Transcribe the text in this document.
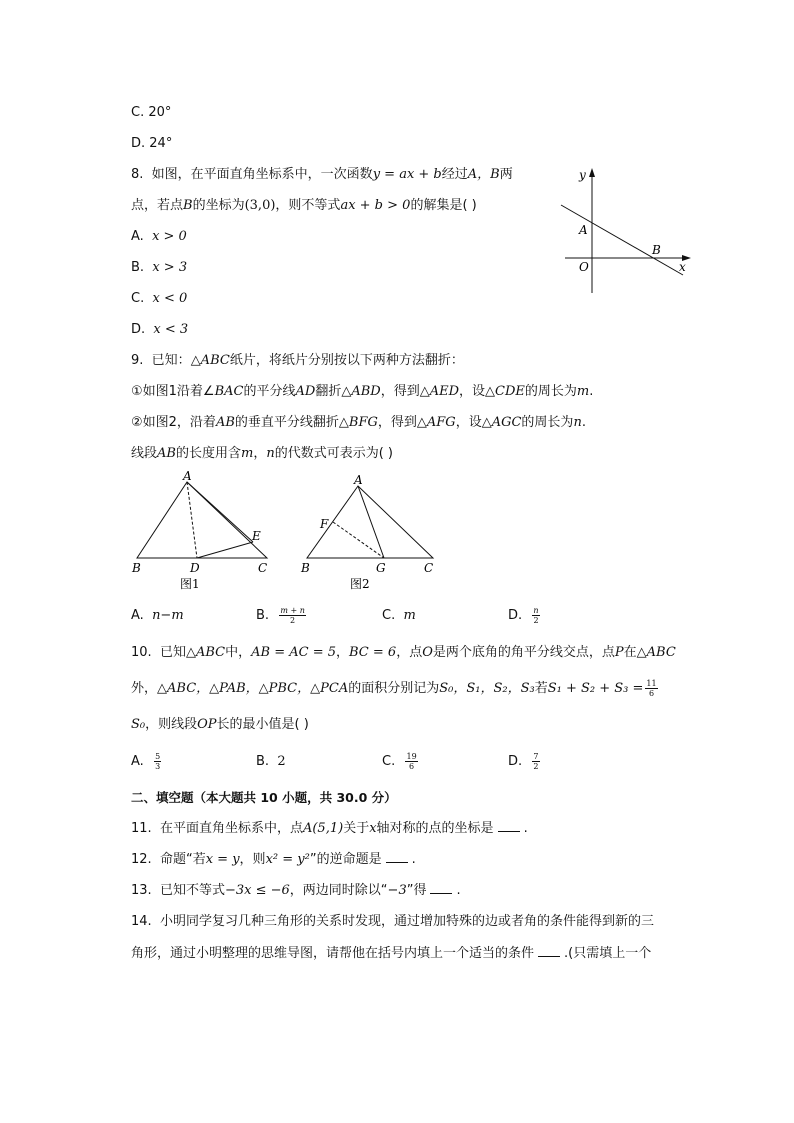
C. 20°
D. 24°
8. 如图，在平面直角坐标系中，一次函数y = ax + b经过A，B两
点，若点B的坐标为(3,0)，则不等式ax + b > 0的解集是( )
A. x > 0
B. x > 3
C. x < 0
D. x < 3
y
x
A
B
O
9. 已知：△ABC纸片，将纸片分别按以下两种方法翻折：
①如图1沿着∠BAC的平分线AD翻折△ABD，得到△AED，设△CDE的周长为m.
②如图2，沿着AB的垂直平分线翻折△BFG，得到△AFG，设△AGC的周长为n.
线段AB的长度用含m，n的代数式可表示为( )
A
B	C
D
E
图1
A
B	C
F
G
图2
A. n−m	B. $\frac{m + n}{2}$	C. m	D. $\frac{n}{2}$
10. 已知△ABC中，AB = AC = 5，BC = 6，点O是两个底角的角平分线交点，点P在△ABC
外，△ABC，△PAB，△PBC，△PCA的面积分别记为S₀，S₁，S₂，S₃若$S_1 + S_2 + S_3 = \frac{11}{6}$
S₀，则线段OP长的最小值是( )
A. $\frac{5}{3}$	B. 2	C. $\frac{19}{6}$	D. $\frac{7}{2}$
二、填空题（本大题共 10 小题，共 30.0 分）
11. 在平面直角坐标系中，点A(5,1)关于x轴对称的点的坐标是 .
12. 命题“若x = y，则x² = y²”的逆命题是 .
13. 已知不等式−3x ≤ −6，两边同时除以“−3”得 .
14. 小明同学复习几种三角形的关系时发现，通过增加特殊的边或者角的条件能得到新的三
角形，通过小明整理的思维导图，请帮他在括号内填上一个适当的条件 .(只需填上一个
